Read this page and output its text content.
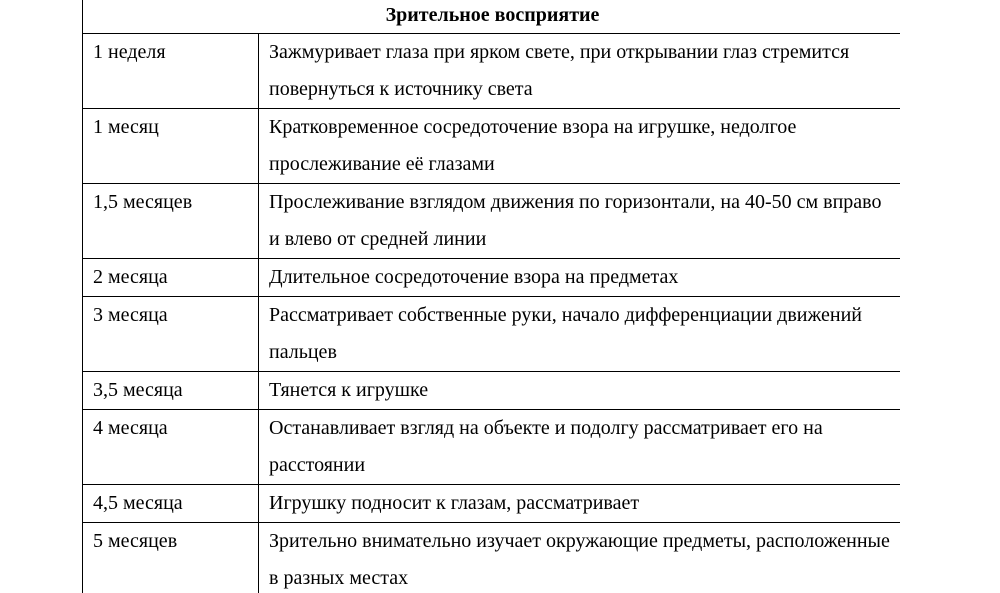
Зрительное восприятие	
1 неделя	Зажмуривает глаза при ярком свете, при открывании глаз стремится повернуться к источнику света
1 месяц	Кратковременное сосредоточение взора на игрушке, недолгое прослеживание её глазами
1,5 месяцев	Прослеживание взглядом движения по горизонтали, на 40-50 см вправо и влево от средней линии
2 месяца	Длительное сосредоточение взора на предметах
3 месяца	Рассматривает собственные руки, начало дифференциации движений пальцев
3,5 месяца	Тянется к игрушке
4 месяца	Останавливает взгляд на объекте и подолгу рассматривает его на расстоянии
4,5 месяца	Игрушку подносит к глазам, рассматривает
5 месяцев	Зрительно внимательно изучает окружающие предметы, расположенные в разных местах
